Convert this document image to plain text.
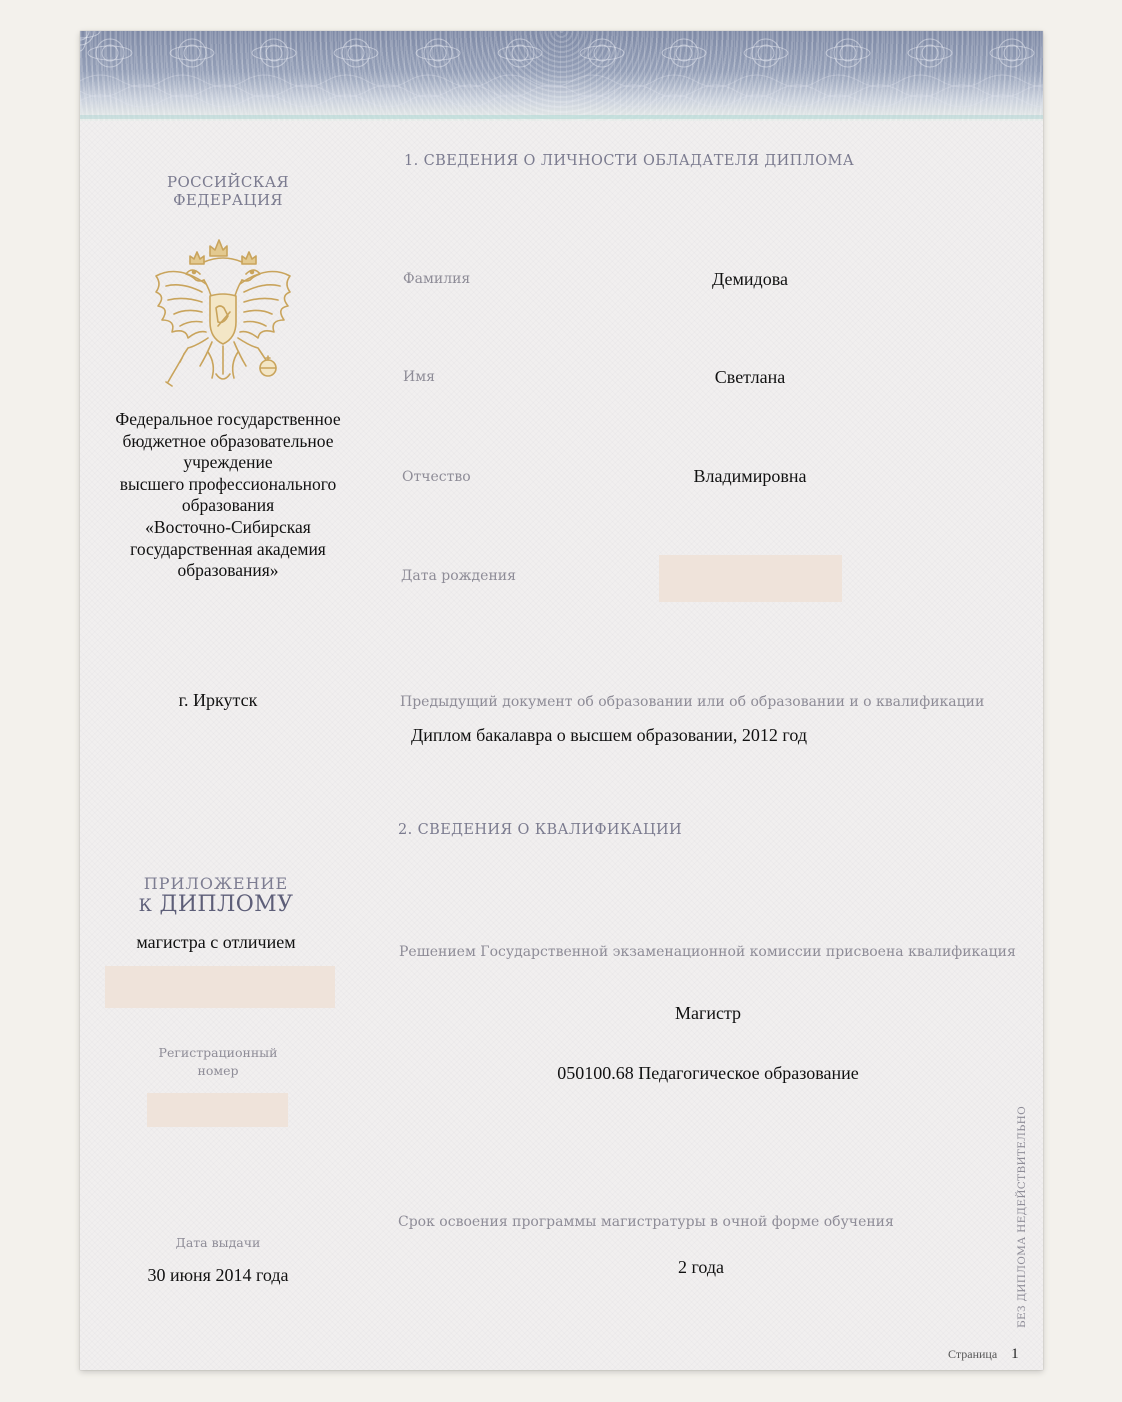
РОССИЙСКАЯ
ФЕДЕРАЦИЯ
Федеральное государственное
бюджетное образовательное
учреждение
высшего профессионального
образования
«Восточно-Сибирская
государственная академия
образования»
г. Иркутск
ПРИЛОЖЕНИЕ
К ДИПЛОМУ
магистра с отличием
Регистрационный
номер
Дата выдачи
30 июня 2014 года
1. СВЕДЕНИЯ О ЛИЧНОСТИ ОБЛАДАТЕЛЯ ДИПЛОМА
Фамилия	Демидова
Имя	Светлана
Отчество	Владимировна
Дата рождения
Предыдущий документ об образовании или об образовании и о квалификации
Диплом бакалавра о высшем образовании, 2012 год
2. СВЕДЕНИЯ О КВАЛИФИКАЦИИ
Решением Государственной экзаменационной комиссии присвоена квалификация
Магистр
050100.68 Педагогическое образование
Срок освоения программы магистратуры в очной форме обучения
2 года	БЕЗ ДИПЛОМА НЕДЕЙСТВИТЕЛЬНО
Страница 1
